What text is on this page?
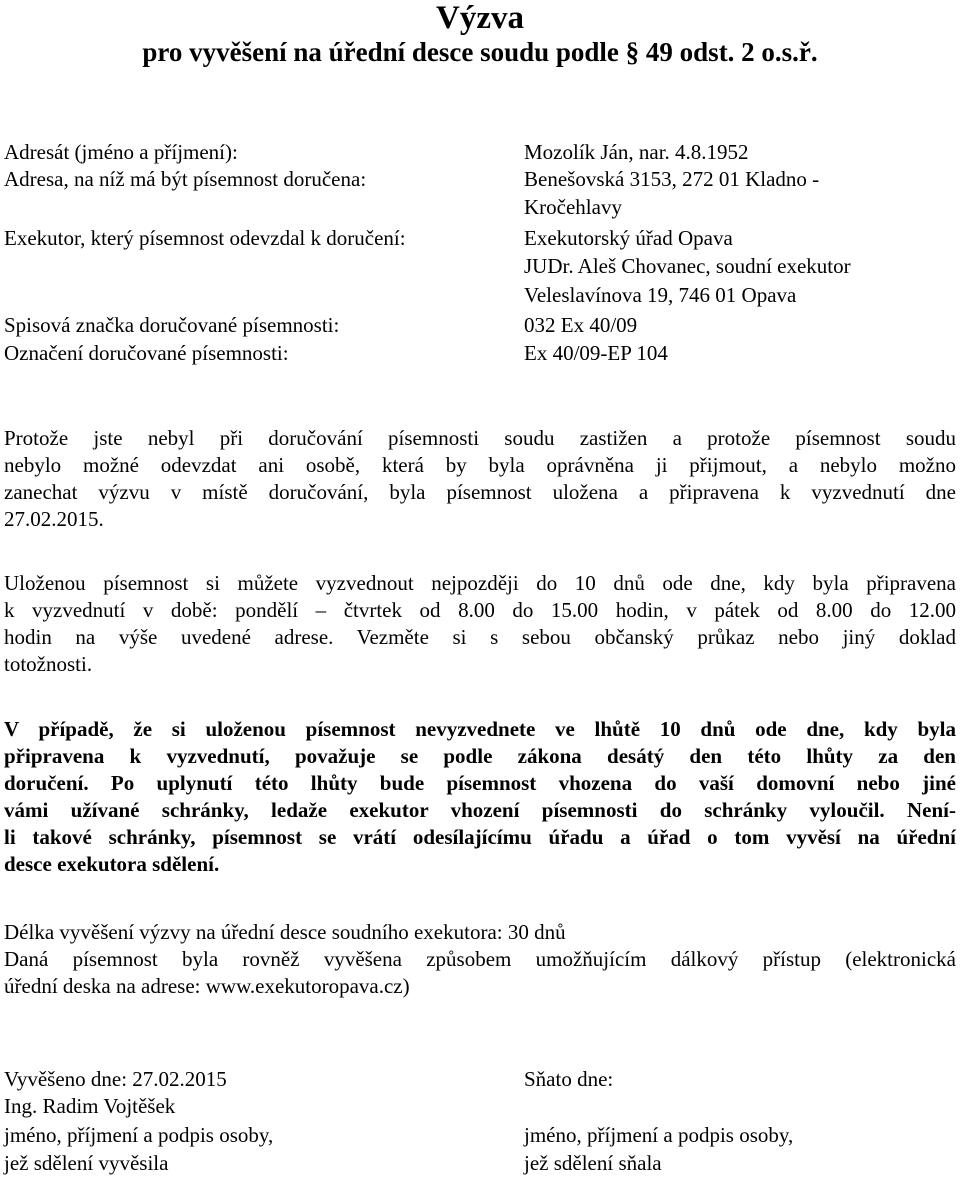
Výzva
pro vyvěšení na úřední desce soudu podle § 49 odst. 2 o.s.ř.
Adresát (jméno a příjmení):	Mozolík Ján, nar. 4.8.1952
Adresa, na níž má být písemnost doručena:	Benešovská 3153, 272 01 Kladno -
Kročehlavy
Exekutor, který písemnost odevzdal k doručení:	Exekutorský úřad Opava
JUDr. Aleš Chovanec, soudní exekutor
Veleslavínova 19, 746 01 Opava
Spisová značka doručované písemnosti:	032 Ex 40/09
Označení doručované písemnosti:	Ex 40/09-EP 104
Protože jste nebyl při doručování písemnosti soudu zastižen a protože písemnost soudu
nebylo možné odevzdat ani osobě, která by byla oprávněna ji přijmout, a nebylo možno
zanechat výzvu v místě doručování, byla písemnost uložena a připravena k vyzvednutí dne
27.02.2015.
Uloženou písemnost si můžete vyzvednout nejpozději do 10 dnů ode dne, kdy byla připravena
k vyzvednutí v době: pondělí – čtvrtek od 8.00 do 15.00 hodin, v pátek od 8.00 do 12.00
hodin na výše uvedené adrese. Vezměte si s sebou občanský průkaz nebo jiný doklad
totožnosti.
V případě, že si uloženou písemnost nevyzvednete ve lhůtě 10 dnů ode dne, kdy byla
připravena k vyzvednutí, považuje se podle zákona desátý den této lhůty za den
doručení. Po uplynutí této lhůty bude písemnost vhozena do vaší domovní nebo jiné
vámi užívané schránky, ledaže exekutor vhození písemnosti do schránky vyloučil. Není-
li takové schránky, písemnost se vrátí odesílajícímu úřadu a úřad o tom vyvěsí na úřední
desce exekutora sdělení.
Délka vyvěšení výzvy na úřední desce soudního exekutora: 30 dnů
Daná písemnost byla rovněž vyvěšena způsobem umožňujícím dálkový přístup (elektronická
úřední deska na adrese: www.exekutoropava.cz)
Vyvěšeno dne: 27.02.2015
Ing. Radim Vojtěšek
jméno, příjmení a podpis osoby,
jež sdělení vyvěsila
Sňato dne:
jméno, příjmení a podpis osoby,
jež sdělení sňala
